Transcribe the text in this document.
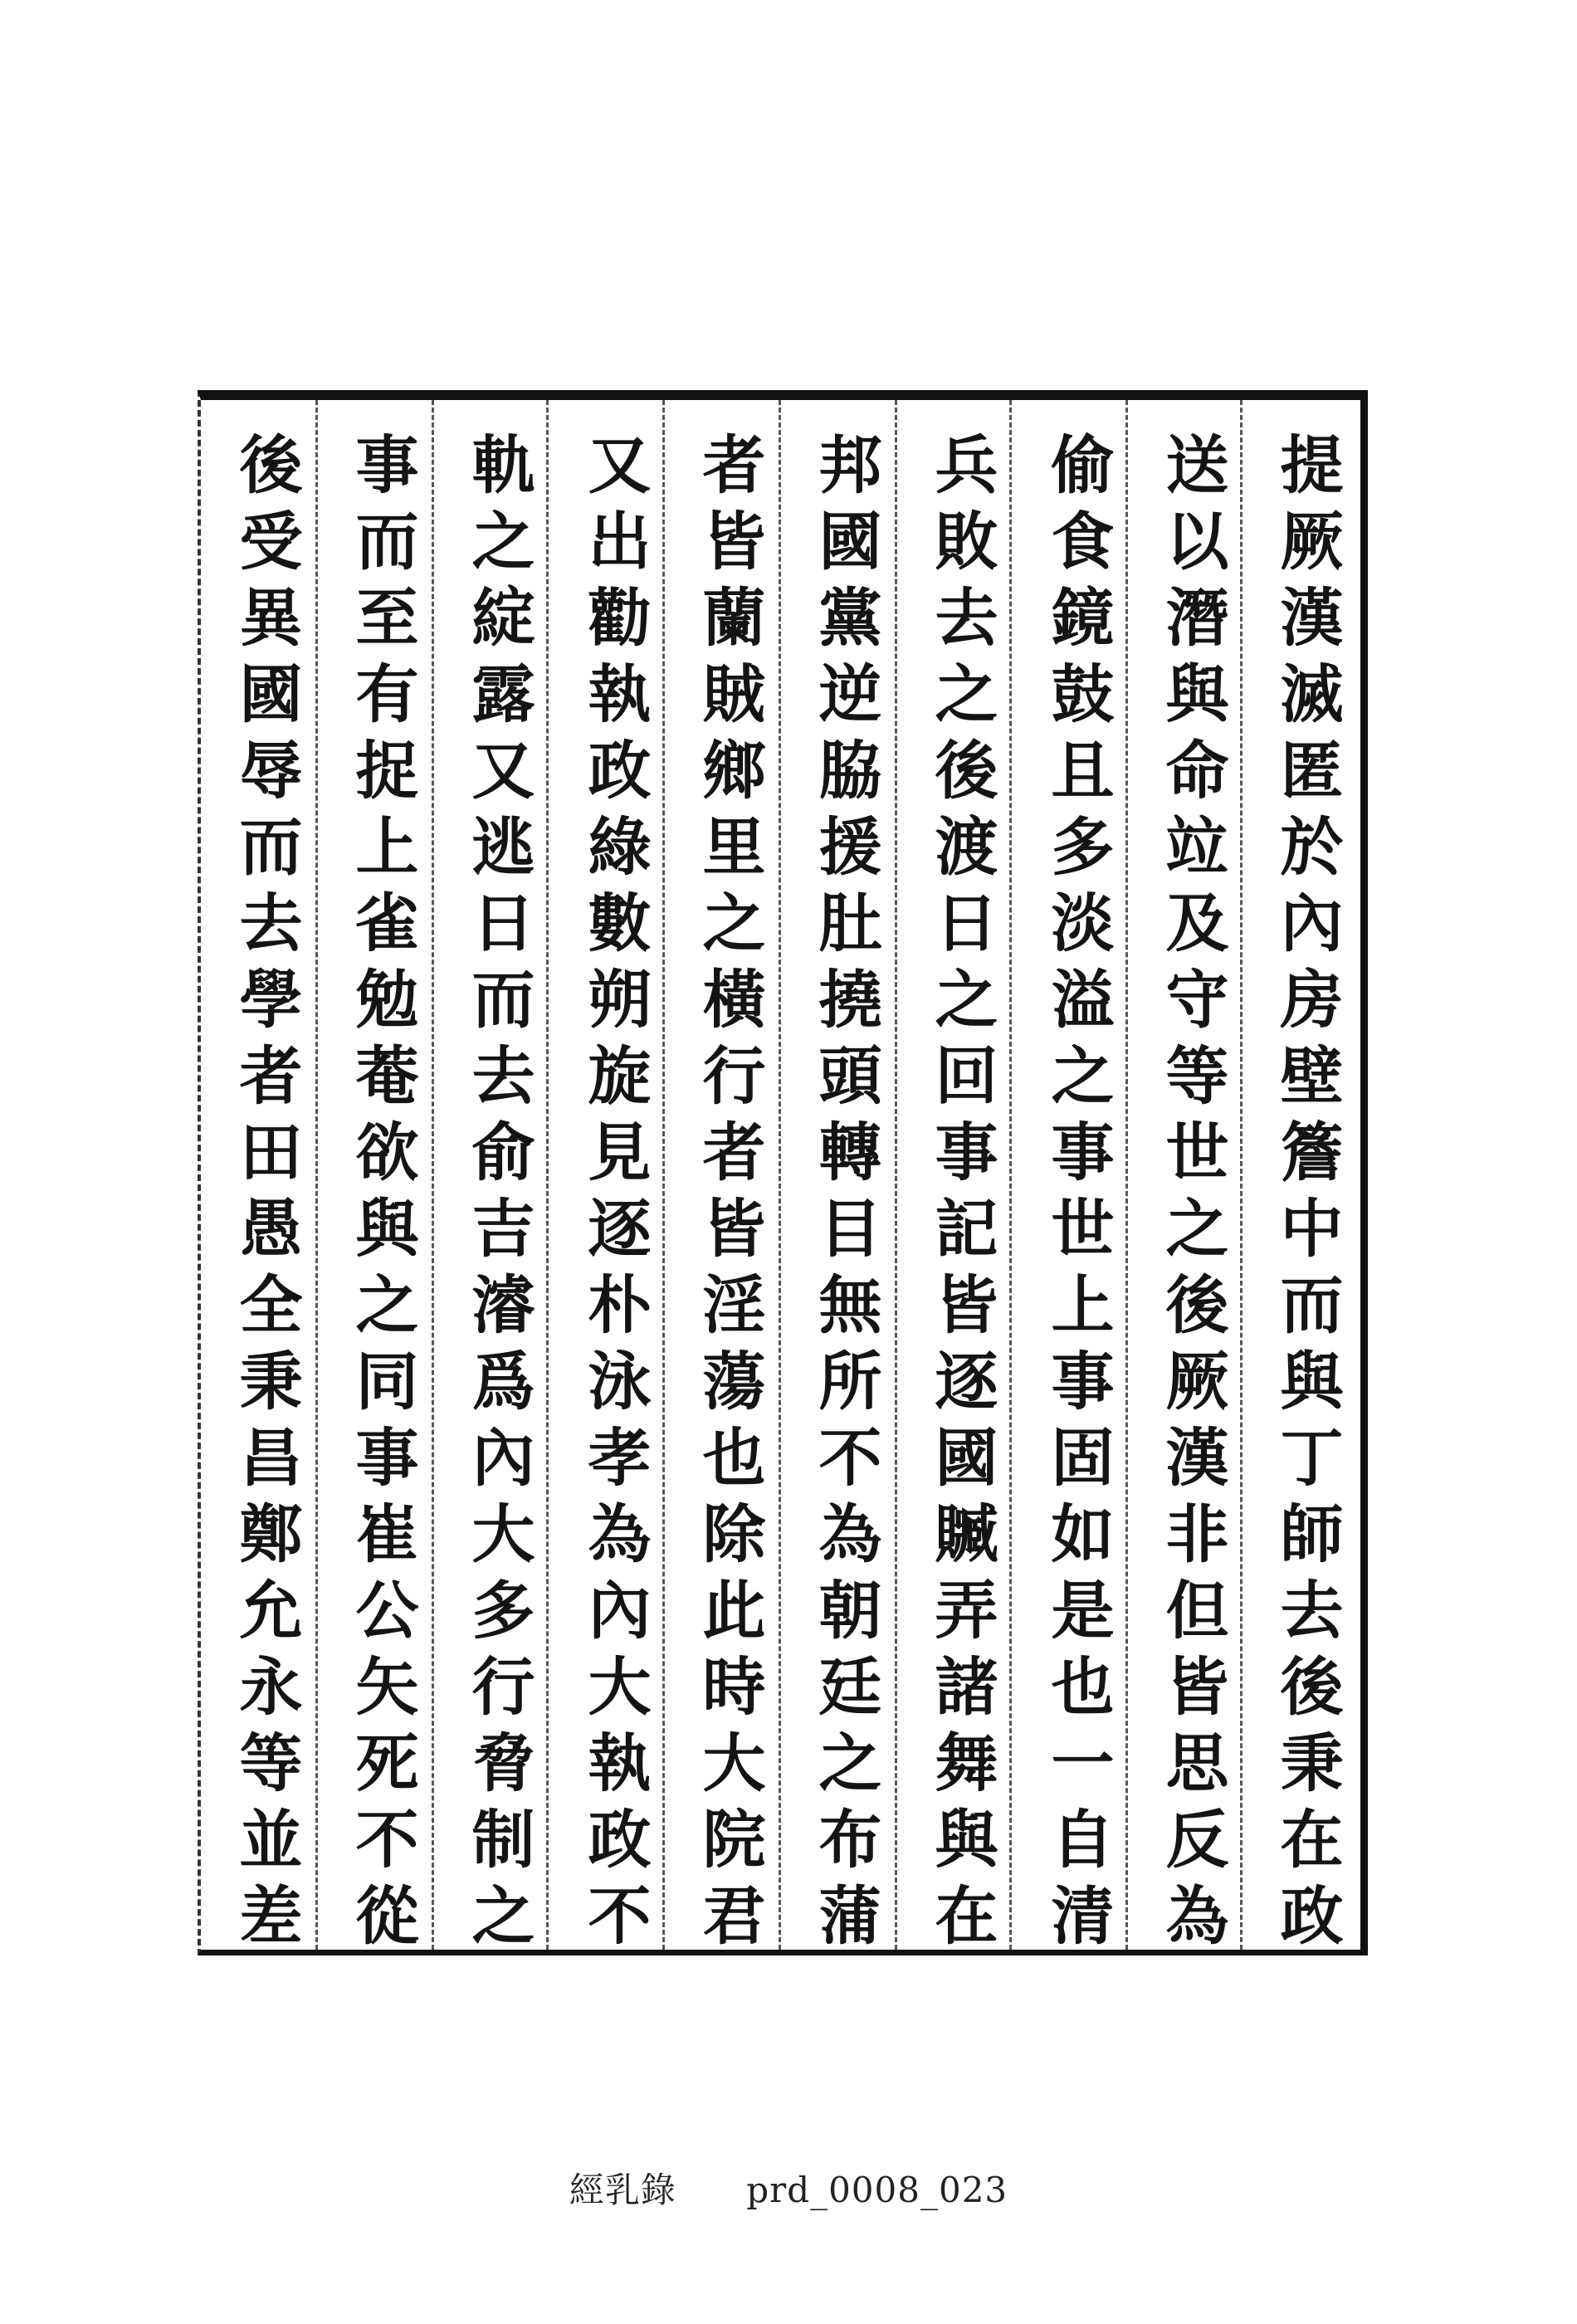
提厥漢滅匿於內房壁簷中而與丁師去後秉在政

送以潛與命竝及守等世之後厥漢非但皆思反為

偷食鏡鼓且多淡溢之事世上事固如是也一自清

兵敗去之後渡日之回事記皆逐國贓弄諸舞與在

邦國黨逆脇援肚撓頭轉目無所不為朝廷之布蒲

者皆蘭賊鄉里之橫行者皆淫蕩也除此時大院君

又出勸執政綠數朔旋見逐朴泳孝為內大執政不

軌之綻露又逃日而去俞吉濬爲內大多行脅制之

事而至有捉上雀勉菴欲與之同事崔公矢死不從

後受異國辱而去學者田愚全秉昌鄭允永等並差

經乳錄 prd_0008_023
